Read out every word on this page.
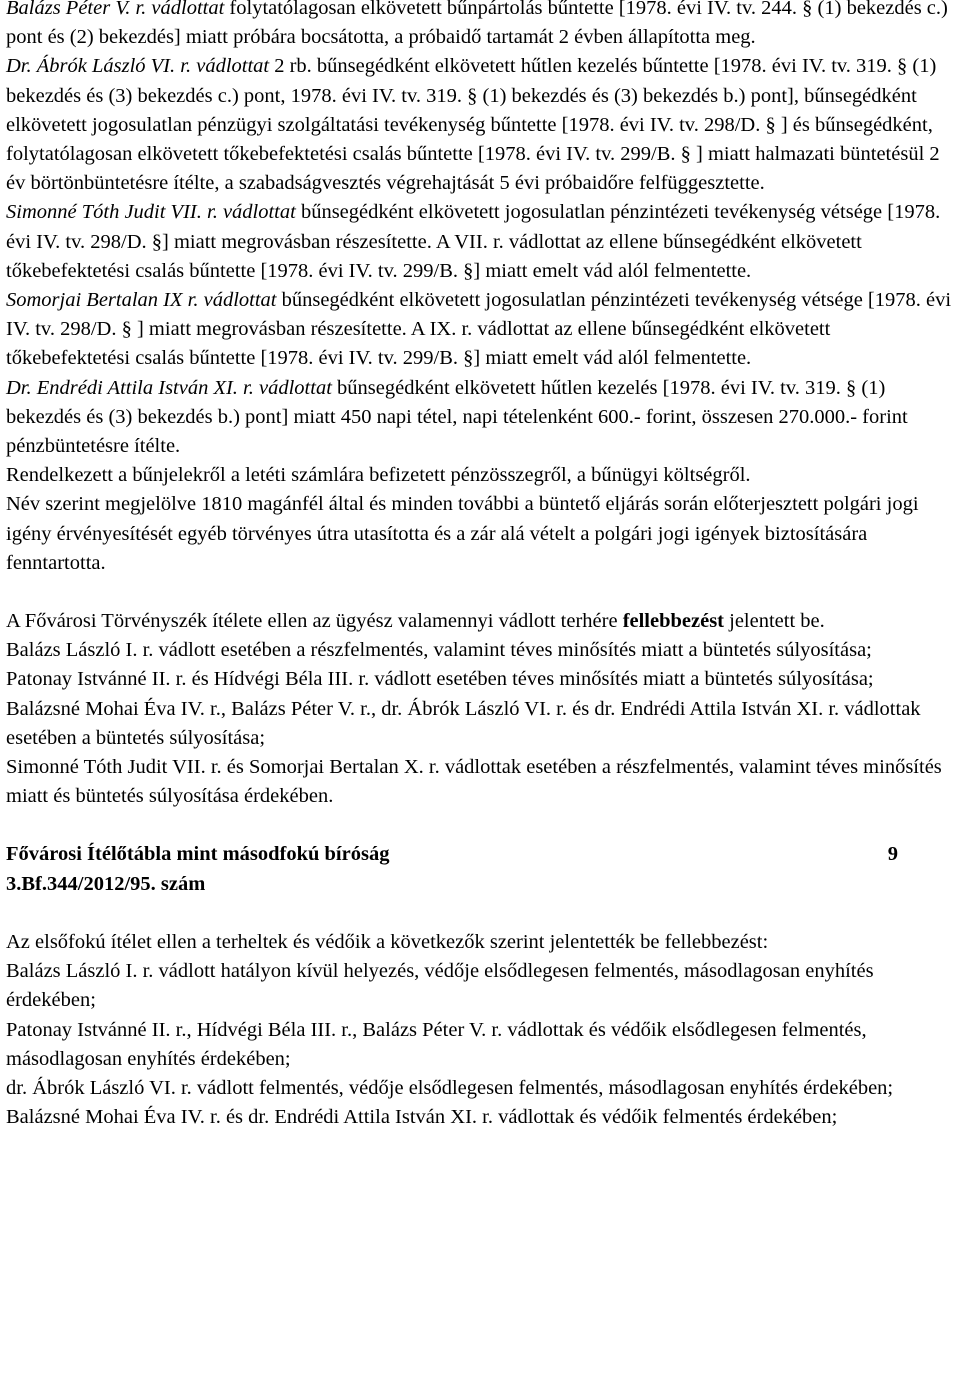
Balázs Péter V. r. vádlottat folytatólagosan elkövetett bűnpártolás bűntette [1978. évi IV. tv. 244. § (1) bekezdés c.) pont és (2) bekezdés] miatt próbára bocsátotta, a próbaidő tartamát 2 évben állapította meg.

Dr. Ábrók László VI. r. vádlottat 2 rb. bűnsegédként elkövetett hűtlen kezelés bűntette [1978. évi IV. tv. 319. § (1) bekezdés és (3) bekezdés c.) pont, 1978. évi IV. tv. 319. § (1) bekezdés és (3) bekezdés b.) pont], bűnsegédként elkövetett jogosulatlan pénzügyi szolgáltatási tevékenység bűntette [1978. évi IV. tv. 298/D. § ] és bűnsegédként, folytatólagosan elkövetett tőkebefektetési csalás bűntette [1978. évi IV. tv. 299/B. § ] miatt halmazati büntetésül 2 év börtönbüntetésre ítélte, a szabadságvesztés végrehajtását 5 évi próbaidőre felfüggesztette.

Simonné Tóth Judit VII. r. vádlottat bűnsegédként elkövetett jogosulatlan pénzintézeti tevékenység vétsége [1978. évi IV. tv. 298/D. §] miatt megrovásban részesítette. A VII. r. vádlottat az ellene bűnsegédként elkövetett tőkebefektetési csalás bűntette [1978. évi IV. tv. 299/B. §] miatt emelt vád alól felmentette.

Somorjai Bertalan IX r. vádlottat bűnsegédként elkövetett jogosulatlan pénzintézeti tevékenység vétsége [1978. évi IV. tv. 298/D. § ] miatt megrovásban részesítette. A IX. r. vádlottat az ellene bűnsegédként elkövetett tőkebefektetési csalás bűntette [1978. évi IV. tv. 299/B. §] miatt emelt vád alól felmentette.

Dr. Endrédi Attila István XI. r. vádlottat bűnsegédként elkövetett hűtlen kezelés [1978. évi IV. tv. 319. § (1) bekezdés és (3) bekezdés b.) pont] miatt 450 napi tétel, napi tételenként 600.- forint, összesen 270.000.- forint pénzbüntetésre ítélte.

Rendelkezett a bűnjelekről a letéti számlára befizetett pénzösszegről, a bűnügyi költségről.

Név szerint megjelölve 1810 magánfél által és minden további a büntető eljárás során előterjesztett polgári jogi igény érvényesítését egyéb törvényes útra utasította és a zár alá vételt a polgári jogi igények biztosítására fenntartotta.

A Fővárosi Törvényszék ítélete ellen az ügyész valamennyi vádlott terhére fellebbezést jelentett be.

Balázs László I. r. vádlott esetében a részfelmentés, valamint téves minősítés miatt a büntetés súlyosítása;

Patonay Istvánné II. r. és Hídvégi Béla III. r. vádlott esetében téves minősítés miatt a büntetés súlyosítása;

Balázsné Mohai Éva IV. r., Balázs Péter V. r., dr. Ábrók László VI. r. és dr. Endrédi Attila István XI. r. vádlottak esetében a büntetés súlyosítása;

Simonné Tóth Judit VII. r. és Somorjai Bertalan X. r. vádlottak esetében a részfelmentés, valamint téves minősítés miatt és büntetés súlyosítása érdekében.

Fővárosi Ítélőtábla mint másodfokú bíróság	9

3.Bf.344/2012/95. szám

Az elsőfokú ítélet ellen a terheltek és védőik a következők szerint jelentették be fellebbezést:

Balázs László I. r. vádlott hatályon kívül helyezés, védője elsődlegesen felmentés, másodlagosan enyhítés érdekében;

Patonay Istvánné II. r., Hídvégi Béla III. r., Balázs Péter V. r. vádlottak és védőik elsődlegesen felmentés, másodlagosan enyhítés érdekében;

dr. Ábrók László VI. r. vádlott felmentés, védője elsődlegesen felmentés, másodlagosan enyhítés érdekében;

Balázsné Mohai Éva IV. r. és dr. Endrédi Attila István XI. r. vádlottak és védőik felmentés érdekében;
